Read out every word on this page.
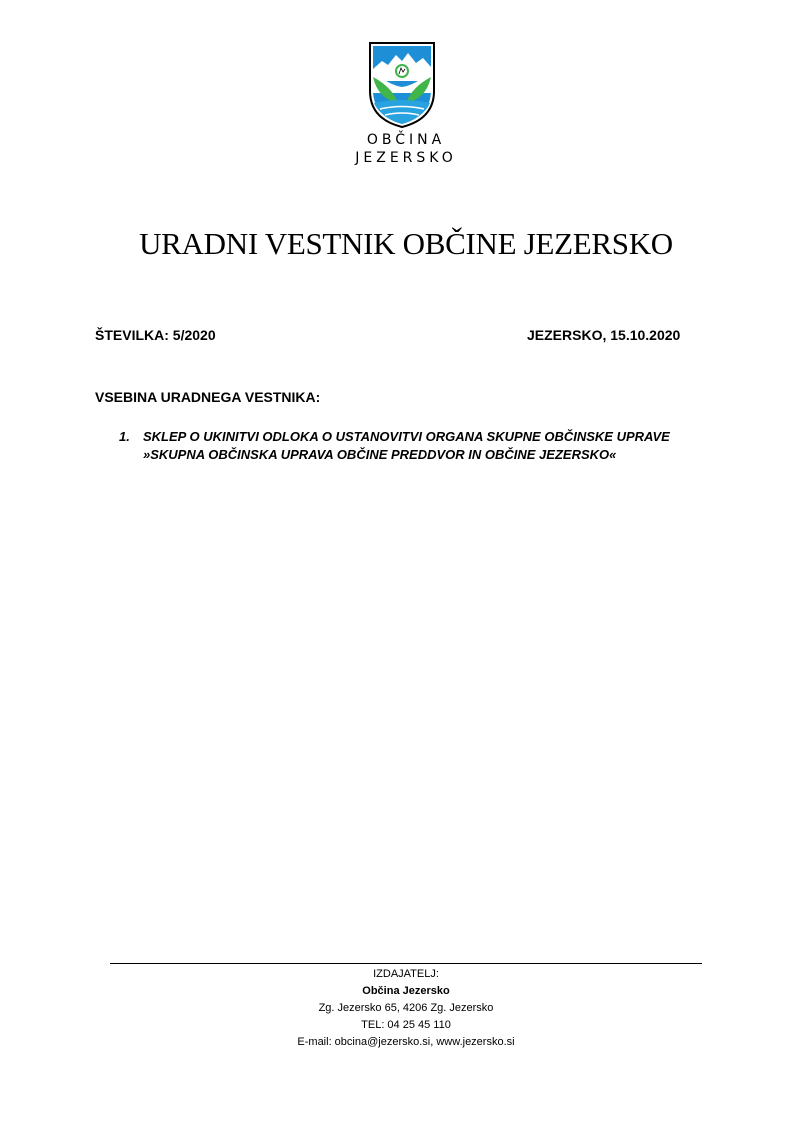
OBČINA
JEZERSKO
URADNI VESTNIK OBČINE JEZERSKO
ŠTEVILKA: 5/2020	JEZERSKO, 15.10.2020
VSEBINA URADNEGA VESTNIKA:
1. SKLEP O UKINITVI ODLOKA O USTANOVITVI ORGANA SKUPNE OBČINSKE UPRAVE
»SKUPNA OBČINSKA UPRAVA OBČINE PREDDVOR IN OBČINE JEZERSKO«
IZDAJATELJ:
Občina Jezersko
Zg. Jezersko 65, 4206 Zg. Jezersko
TEL: 04 25 45 110
E-mail: obcina@jezersko.si, www.jezersko.si
